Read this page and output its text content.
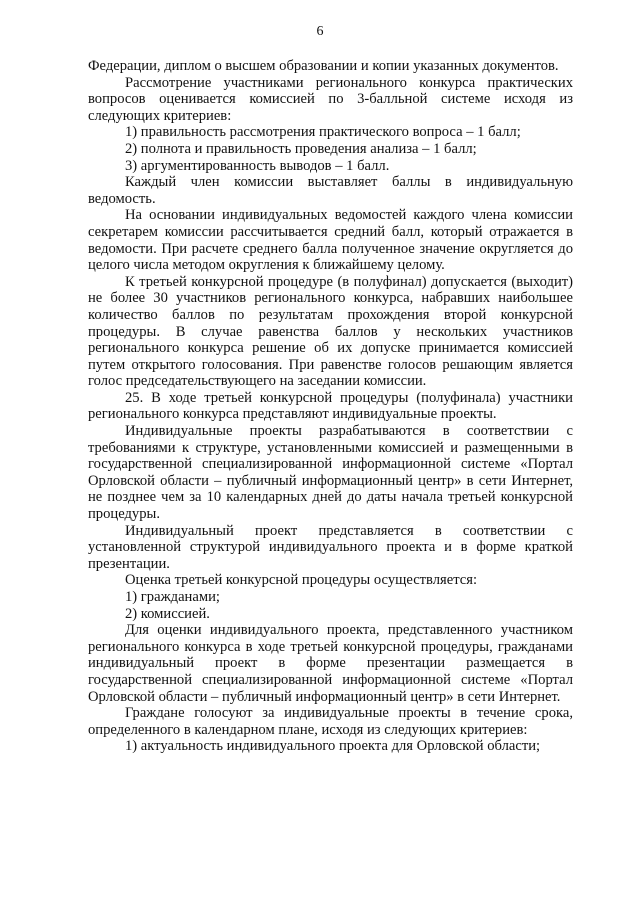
6

Федерации, диплом о высшем образовании и копии указанных документов.

Рассмотрение участниками регионального конкурса практических вопросов оценивается комиссией по 3-балльной системе исходя из следующих критериев:

1) правильность рассмотрения практического вопроса – 1 балл;

2) полнота и правильность проведения анализа – 1 балл;

3) аргументированность выводов – 1 балл.

Каждый член комиссии выставляет баллы в индивидуальную ведомость.

На основании индивидуальных ведомостей каждого члена комиссии секретарем комиссии рассчитывается средний балл, который отражается в ведомости. При расчете среднего балла полученное значение округляется до целого числа методом округления к ближайшему целому.

К третьей конкурсной процедуре (в полуфинал) допускается (выходит) не более 30 участников регионального конкурса, набравших наибольшее количество баллов по результатам прохождения второй конкурсной процедуры. В случае равенства баллов у нескольких участников регионального конкурса решение об их допуске принимается комиссией путем открытого голосования. При равенстве голосов решающим является голос председательствующего на заседании комиссии.

25. В ходе третьей конкурсной процедуры (полуфинала) участники регионального конкурса представляют индивидуальные проекты.

Индивидуальные проекты разрабатываются в соответствии с требованиями к структуре, установленными комиссией и размещенными в государственной специализированной информационной системе «Портал Орловской области – публичный информационный центр» в сети Интернет, не позднее чем за 10 календарных дней до даты начала третьей конкурсной процедуры.

Индивидуальный проект представляется в соответствии с установленной структурой индивидуального проекта и в форме краткой презентации.

Оценка третьей конкурсной процедуры осуществляется:

1) гражданами;

2) комиссией.

Для оценки индивидуального проекта, представленного участником регионального конкурса в ходе третьей конкурсной процедуры, гражданами индивидуальный проект в форме презентации размещается в государственной специализированной информационной системе «Портал Орловской области – публичный информационный центр» в сети Интернет.

Граждане голосуют за индивидуальные проекты в течение срока, определенного в календарном плане, исходя из следующих критериев:

1) актуальность индивидуального проекта для Орловской области;
